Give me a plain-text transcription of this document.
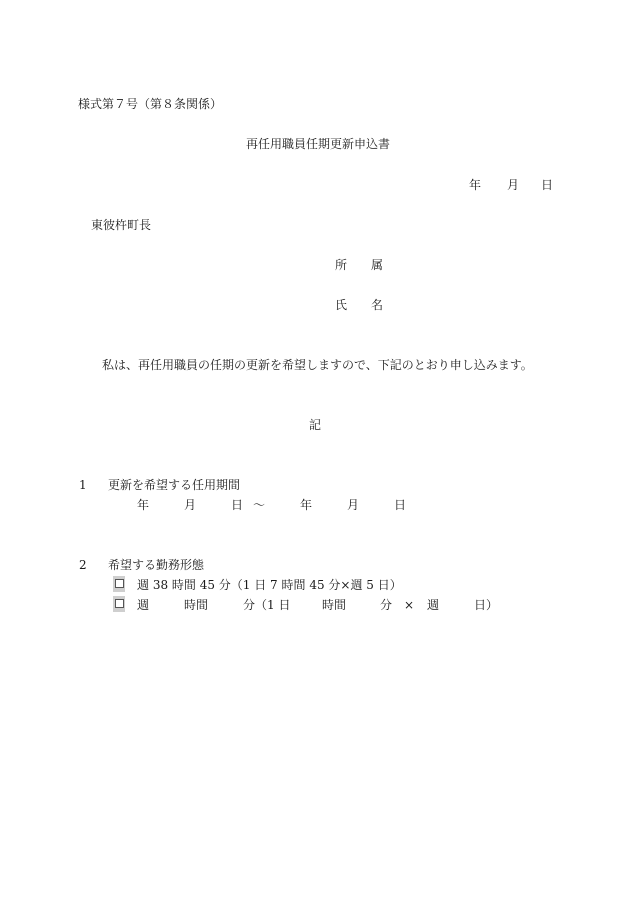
様式第７号（第８条関係）
再任用職員任期更新申込書
年 月 日
東彼杵町長
所 属
氏 名
私は、再任用職員の任期の更新を希望しますので、下記のとおり申し込みます。
記
1 更新を希望する任用期間
年	月	日 ～	年	月	日
2 希望する勤務形態
週 38 時間 45 分（1 日 7 時間 45 分×週 5 日）
週	時間	分（1 日	時間	分 × 週	日）
